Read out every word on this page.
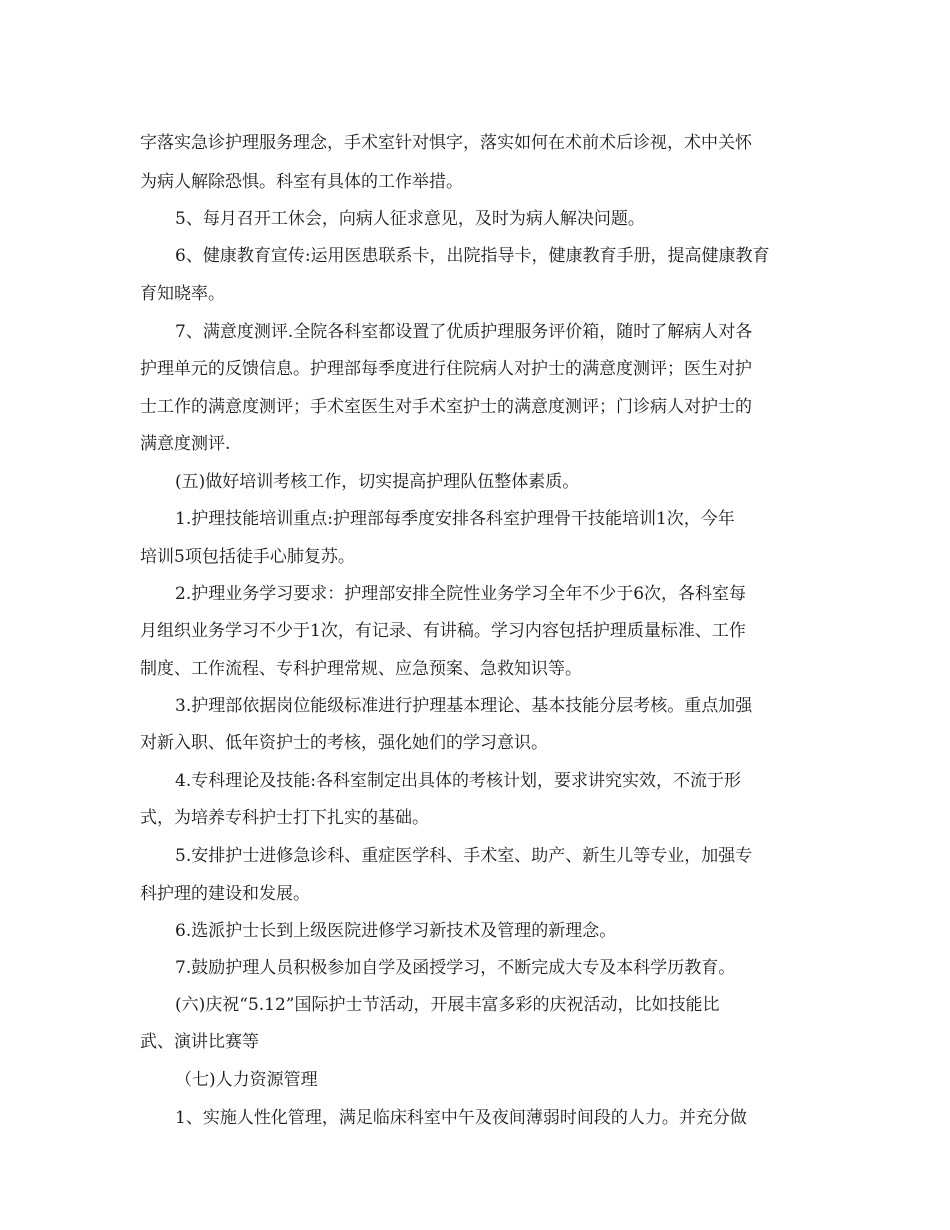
字落实急诊护理服务理念，手术室针对惧字，落实如何在术前术后诊视，术中关怀
为病人解除恐惧。科室有具体的工作举措。
5、每月召开工休会，向病人征求意见，及时为病人解决问题。
6、健康教育宣传:运用医患联系卡，出院指导卡，健康教育手册，提高健康教育
育知晓率。
7、满意度测评.全院各科室都设置了优质护理服务评价箱，随时了解病人对各
护理单元的反馈信息。护理部每季度进行住院病人对护士的满意度测评；医生对护
士工作的满意度测评；手术室医生对手术室护士的满意度测评；门诊病人对护士的
满意度测评.
(五)做好培训考核工作，切实提高护理队伍整体素质。
1.护理技能培训重点:护理部每季度安排各科室护理骨干技能培训1次，今年
培训5项包括徒手心肺复苏。
2.护理业务学习要求：护理部安排全院性业务学习全年不少于6次，各科室每
月组织业务学习不少于1次，有记录、有讲稿。学习内容包括护理质量标准、工作
制度、工作流程、专科护理常规、应急预案、急救知识等。
3.护理部依据岗位能级标准进行护理基本理论、基本技能分层考核。重点加强
对新入职、低年资护士的考核，强化她们的学习意识。
4.专科理论及技能:各科室制定出具体的考核计划，要求讲究实效，不流于形
式，为培养专科护士打下扎实的基础。
5.安排护士进修急诊科、重症医学科、手术室、助产、新生儿等专业，加强专
科护理的建设和发展。
6.选派护士长到上级医院进修学习新技术及管理的新理念。
7.鼓励护理人员积极参加自学及函授学习，不断完成大专及本科学历教育。
(六)庆祝“5.12”国际护士节活动，开展丰富多彩的庆祝活动，比如技能比
武、演讲比赛等
（七)人力资源管理
1、实施人性化管理，满足临床科室中午及夜间薄弱时间段的人力。并充分做
